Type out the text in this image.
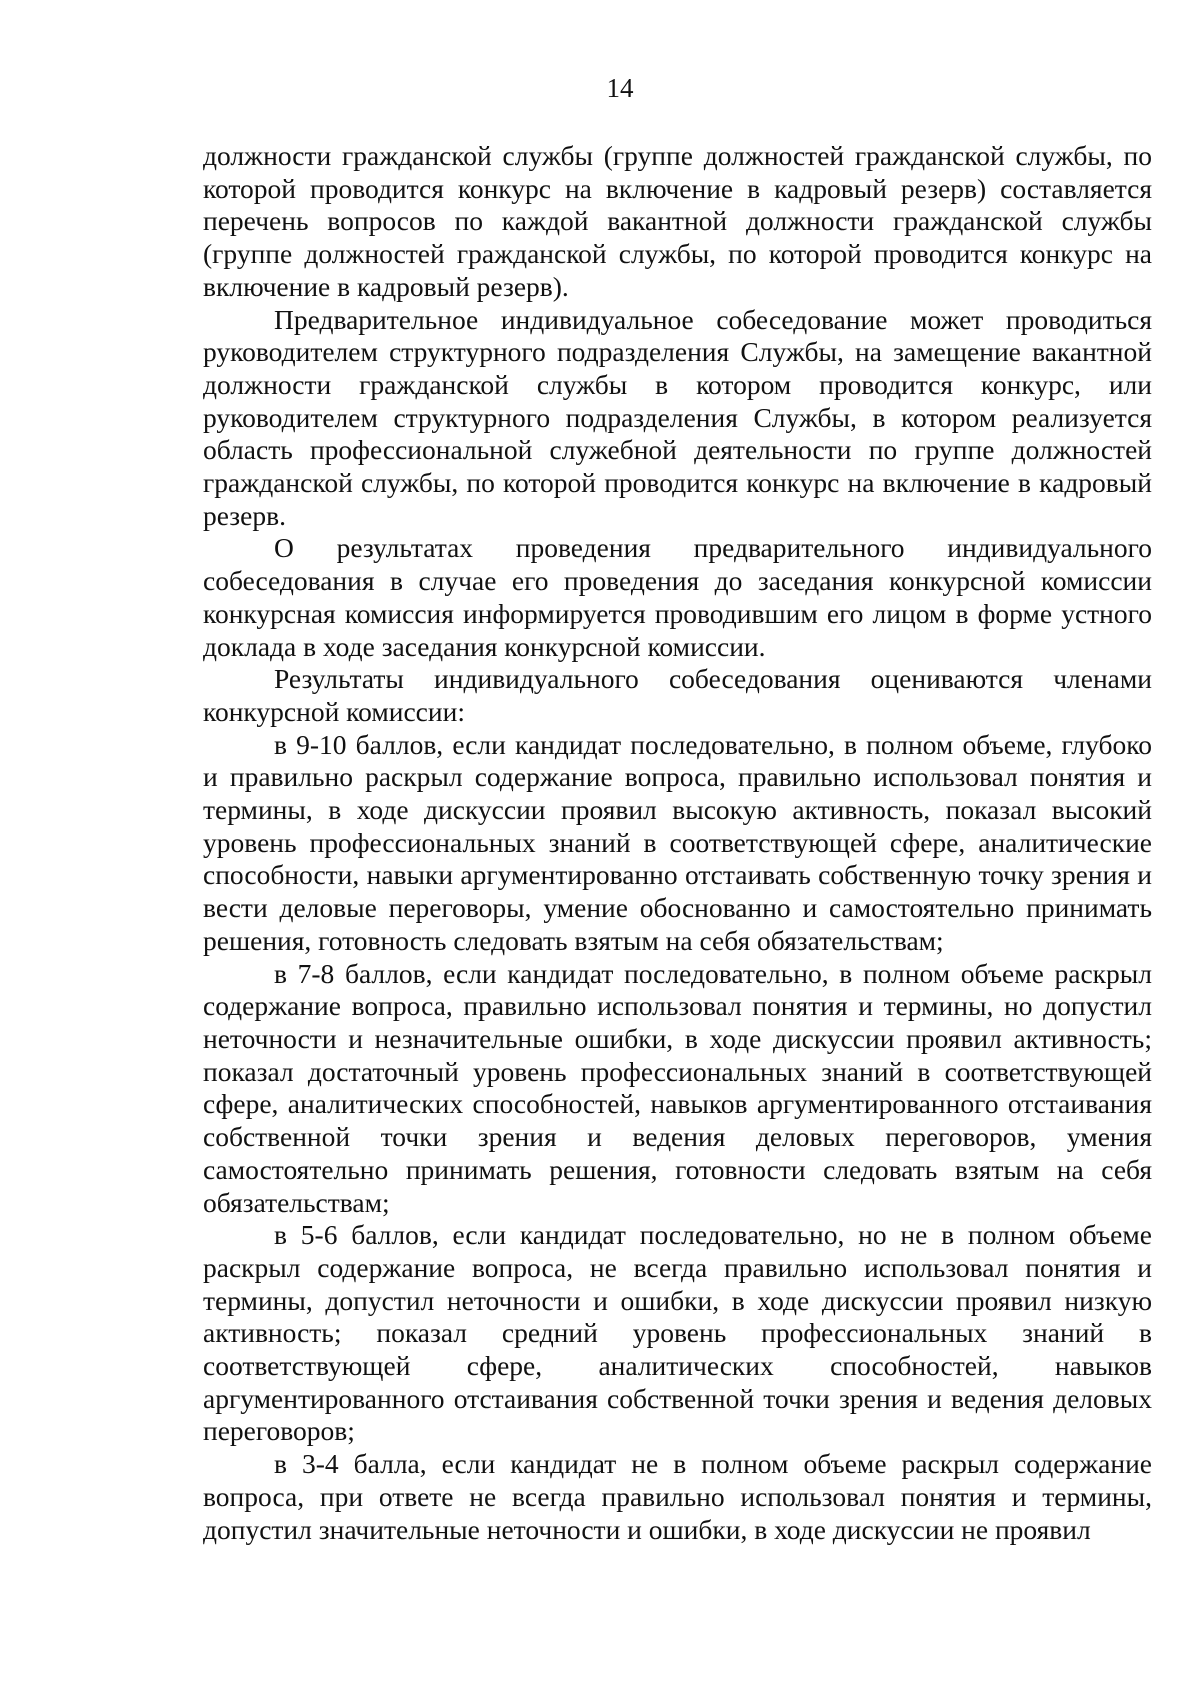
14

должности гражданской службы (группе должностей гражданской службы, по которой проводится конкурс на включение в кадровый резерв) составляется перечень вопросов по каждой вакантной должности гражданской службы (группе должностей гражданской службы, по которой проводится конкурс на включение в кадровый резерв).

Предварительное индивидуальное собеседование может проводиться руководителем структурного подразделения Службы, на замещение вакантной должности гражданской службы в котором проводится конкурс, или руководителем структурного подразделения Службы, в котором реализуется область профессиональной служебной деятельности по группе должностей гражданской службы, по которой проводится конкурс на включение в кадровый резерв.

О результатах проведения предварительного индивидуального собеседования в случае его проведения до заседания конкурсной комиссии конкурсная комиссия информируется проводившим его лицом в форме устного доклада в ходе заседания конкурсной комиссии.

Результаты индивидуального собеседования оцениваются членами конкурсной комиссии:

в 9-10 баллов, если кандидат последовательно, в полном объеме, глубоко и правильно раскрыл содержание вопроса, правильно использовал понятия и термины, в ходе дискуссии проявил высокую активность, показал высокий уровень профессиональных знаний в соответствующей сфере, аналитические способности, навыки аргументированно отстаивать собственную точку зрения и вести деловые переговоры, умение обоснованно и самостоятельно принимать решения, готовность следовать взятым на себя обязательствам;

в 7-8 баллов, если кандидат последовательно, в полном объеме раскрыл содержание вопроса, правильно использовал понятия и термины, но допустил неточности и незначительные ошибки, в ходе дискуссии проявил активность; показал достаточный уровень профессиональных знаний в соответствующей сфере, аналитических способностей, навыков аргументированного отстаивания собственной точки зрения и ведения деловых переговоров, умения самостоятельно принимать решения, готовности следовать взятым на себя обязательствам;

в 5-6 баллов, если кандидат последовательно, но не в полном объеме раскрыл содержание вопроса, не всегда правильно использовал понятия и термины, допустил неточности и ошибки, в ходе дискуссии проявил низкую активность; показал средний уровень профессиональных знаний в соответствующей сфере, аналитических способностей, навыков аргументированного отстаивания собственной точки зрения и ведения деловых переговоров;

в 3-4 балла, если кандидат не в полном объеме раскрыл содержание вопроса, при ответе не всегда правильно использовал понятия и термины, допустил значительные неточности и ошибки, в ходе дискуссии не проявил
